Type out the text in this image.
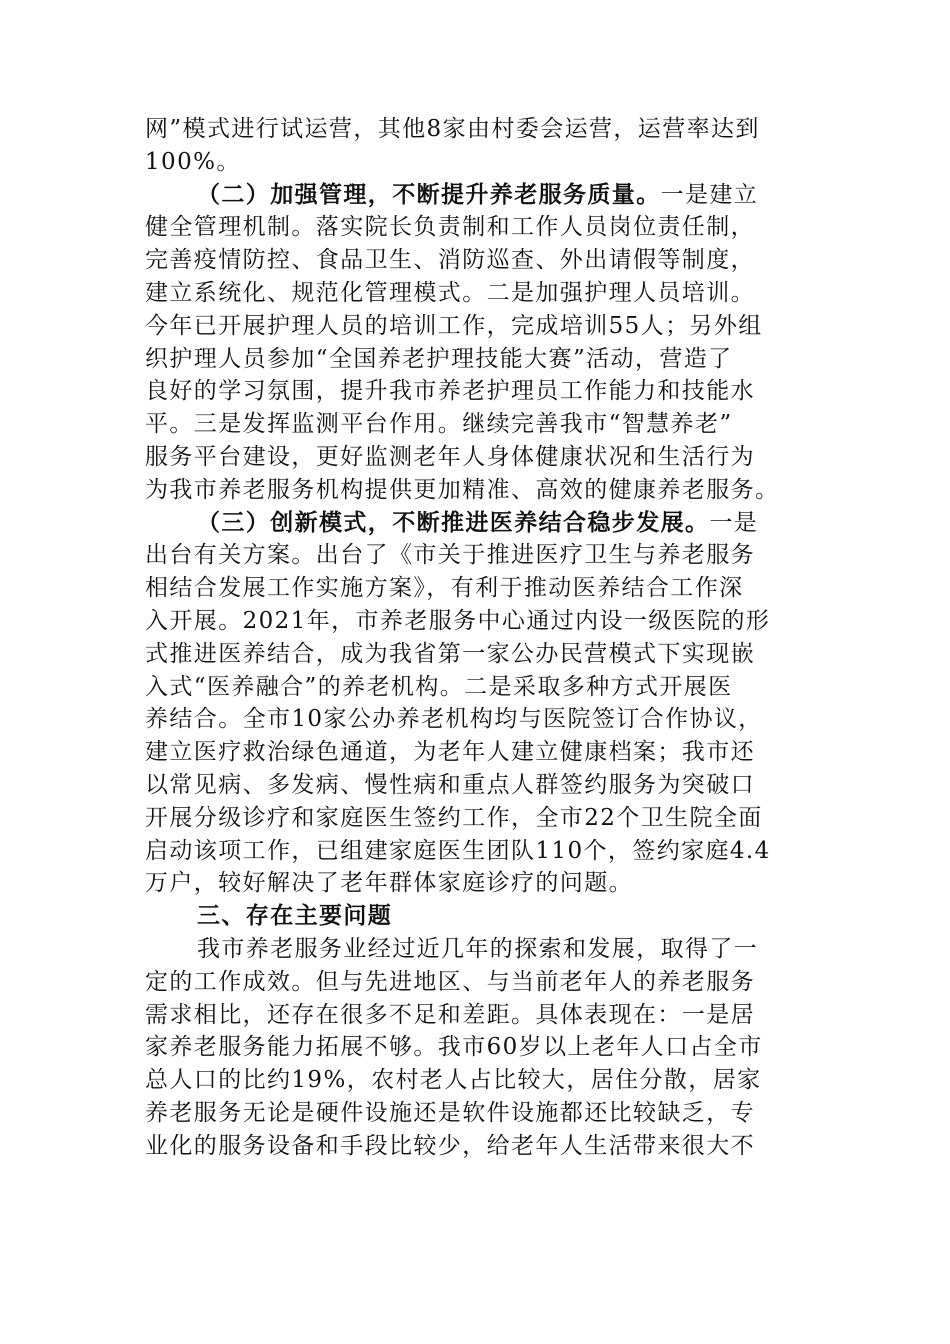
网”模式进行试运营，其他8家由村委会运营，运营率达到
100%。
（二）加强管理，不断提升养老服务质量。一是建立
健全管理机制。落实院长负责制和工作人员岗位责任制，
完善疫情防控、食品卫生、消防巡查、外出请假等制度，
建立系统化、规范化管理模式。二是加强护理人员培训。
今年已开展护理人员的培训工作，完成培训55人；另外组
织护理人员参加“全国养老护理技能大赛”活动，营造了
良好的学习氛围，提升我市养老护理员工作能力和技能水
平。三是发挥监测平台作用。继续完善我市“智慧养老”
服务平台建设，更好监测老年人身体健康状况和生活行为
为我市养老服务机构提供更加精准、高效的健康养老服务。
（三）创新模式，不断推进医养结合稳步发展。一是
出台有关方案。出台了《市关于推进医疗卫生与养老服务
相结合发展工作实施方案》，有利于推动医养结合工作深
入开展。2021年，市养老服务中心通过内设一级医院的形
式推进医养结合，成为我省第一家公办民营模式下实现嵌
入式“医养融合”的养老机构。二是采取多种方式开展医
养结合。全市10家公办养老机构均与医院签订合作协议，
建立医疗救治绿色通道，为老年人建立健康档案；我市还
以常见病、多发病、慢性病和重点人群签约服务为突破口
开展分级诊疗和家庭医生签约工作，全市22个卫生院全面
启动该项工作，已组建家庭医生团队110个，签约家庭4.4
万户，较好解决了老年群体家庭诊疗的问题。
三、存在主要问题
我市养老服务业经过近几年的探索和发展，取得了一
定的工作成效。但与先进地区、与当前老年人的养老服务
需求相比，还存在很多不足和差距。具体表现在：一是居
家养老服务能力拓展不够。我市60岁以上老年人口占全市
总人口的比约19%，农村老人占比较大，居住分散，居家
养老服务无论是硬件设施还是软件设施都还比较缺乏，专
业化的服务设备和手段比较少，给老年人生活带来很大不
